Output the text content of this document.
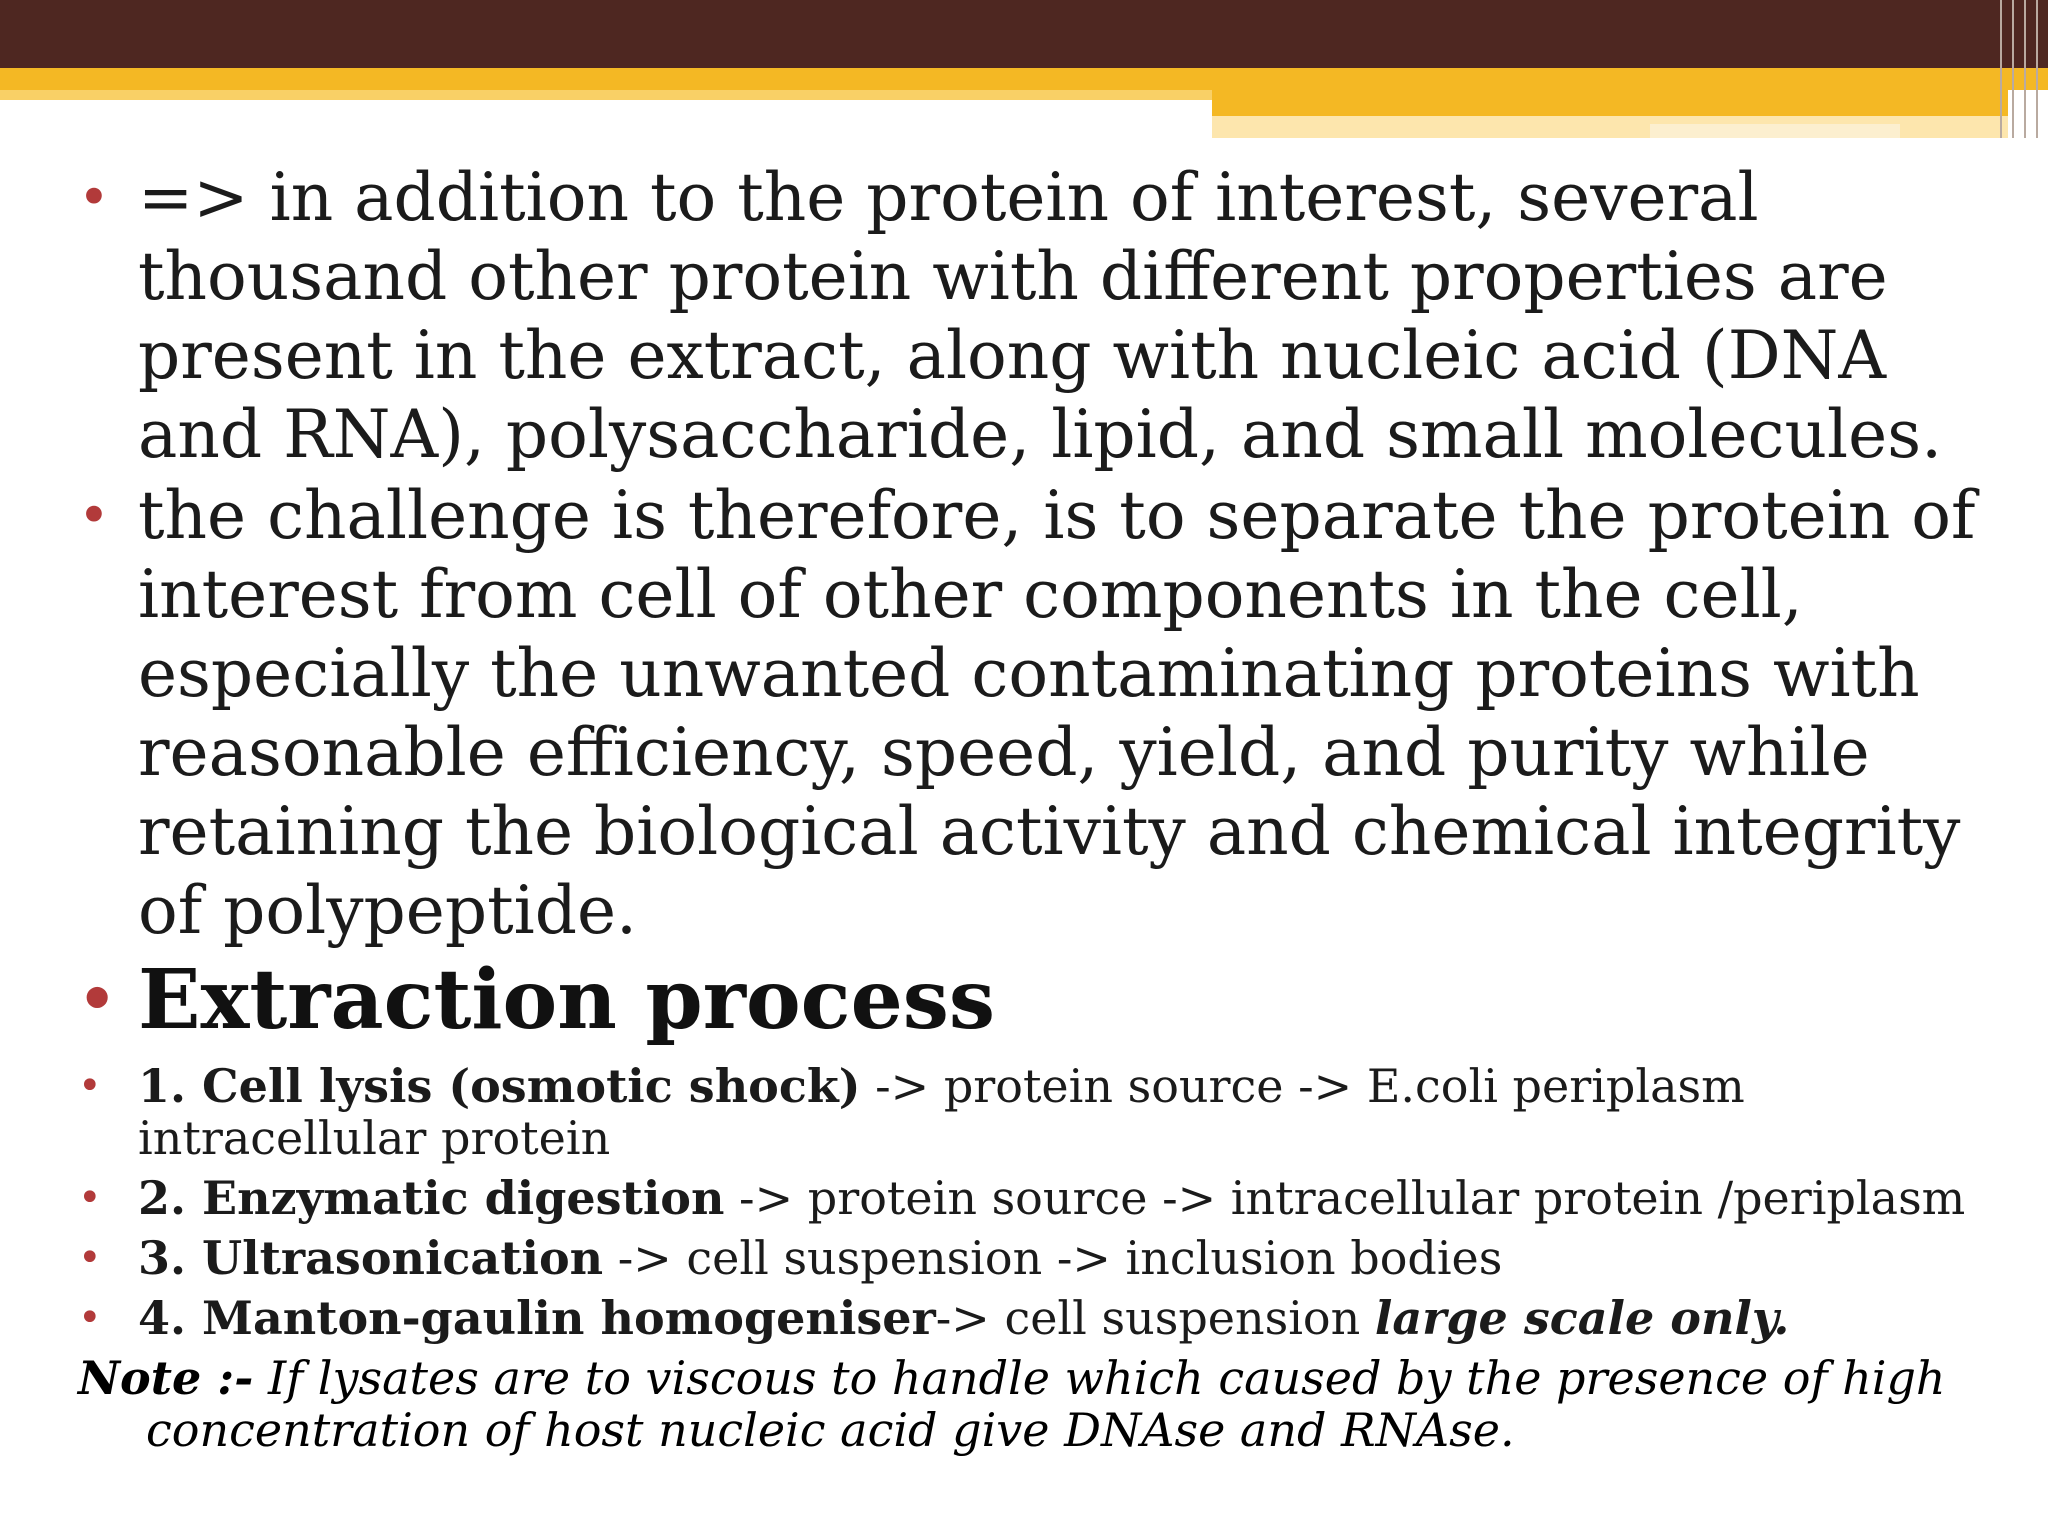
• => in addition to the protein of interest, several thousand other protein with different properties are present in the extract, along with nucleic acid (DNA and RNA), polysaccharide, lipid, and small molecules.
• the challenge is therefore, is to separate the protein of interest from cell of other components in the cell, especially the unwanted contaminating proteins with reasonable efficiency, speed, yield, and purity while retaining the biological activity and chemical integrity of polypeptide.
• Extraction process
• 1. Cell lysis (osmotic shock) -> protein source -> E.coli periplasm intracellular protein
• 2. Enzymatic digestion -> protein source -> intracellular protein /periplasm
• 3. Ultrasonication -> cell suspension -> inclusion bodies
• 4. Manton-gaulin homogeniser-> cell suspension large scale only.
Note :- If lysates are to viscous to handle which caused by the presence of high
concentration of host nucleic acid give DNAse and RNAse.
